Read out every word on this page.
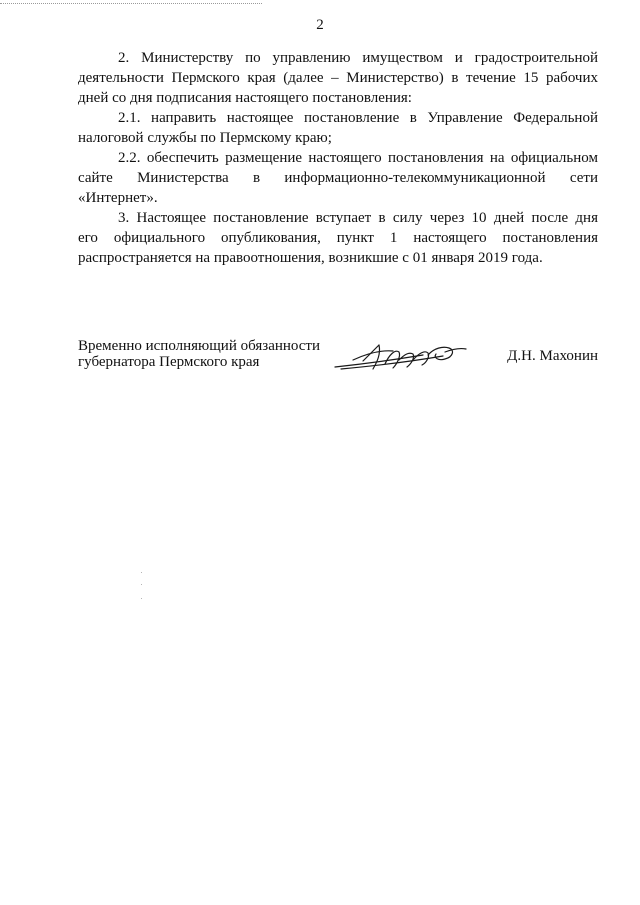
2

2. Министерству по управлению имуществом и градостроительной
деятельности Пермского края (далее – Министерство) в течение 15 рабочих
дней со дня подписания настоящего постановления:

2.1. направить настоящее постановление в Управление Федеральной
налоговой службы по Пермскому краю;

2.2. обеспечить размещение настоящего постановления на официальном
сайте Министерства в информационно-телекоммуникационной сети
«Интернет».

3. Настоящее постановление вступает в силу через 10 дней после дня
его официального опубликования, пункт 1 настоящего постановления
распространяется на правоотношения, возникшие с 01 января 2019 года.

Временно исполняющий обязанности
губернатора Пермского края	Д.Н. Махонин
